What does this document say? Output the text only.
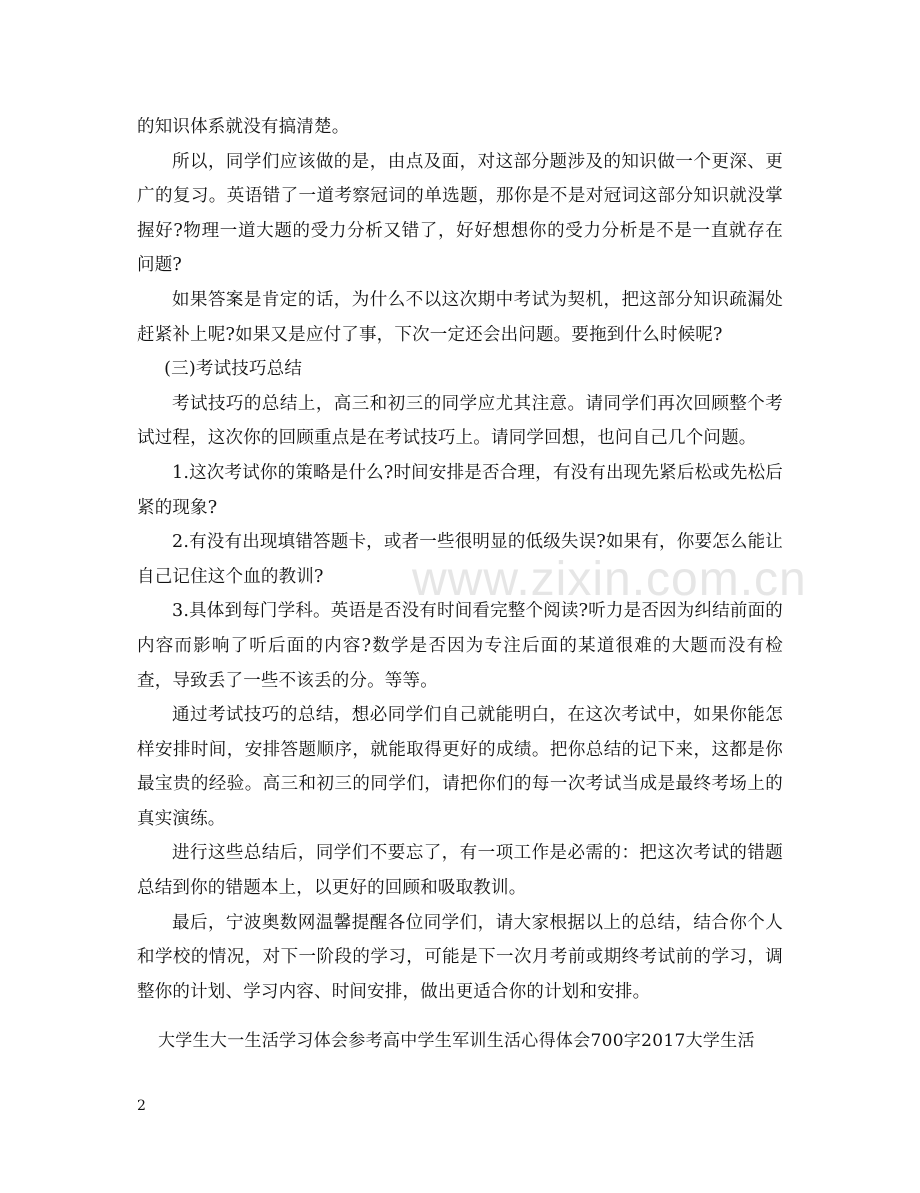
的知识体系就没有搞清楚。

所以，同学们应该做的是，由点及面，对这部分题涉及的知识做一个更深、更广的复习。英语错了一道考察冠词的单选题，那你是不是对冠词这部分知识就没掌握好?物理一道大题的受力分析又错了，好好想想你的受力分析是不是一直就存在问题?

如果答案是肯定的话，为什么不以这次期中考试为契机，把这部分知识疏漏处赶紧补上呢?如果又是应付了事，下次一定还会出问题。要拖到什么时候呢?

(三)考试技巧总结

考试技巧的总结上，高三和初三的同学应尤其注意。请同学们再次回顾整个考试过程，这次你的回顾重点是在考试技巧上。请同学回想，也问自己几个问题。

1.这次考试你的策略是什么?时间安排是否合理，有没有出现先紧后松或先松后紧的现象?

2.有没有出现填错答题卡，或者一些很明显的低级失误?如果有，你要怎么能让自己记住这个血的教训?

3.具体到每门学科。英语是否没有时间看完整个阅读?听力是否因为纠结前面的内容而影响了听后面的内容?数学是否因为专注后面的某道很难的大题而没有检查，导致丢了一些不该丢的分。等等。

通过考试技巧的总结，想必同学们自己就能明白，在这次考试中，如果你能怎样安排时间，安排答题顺序，就能取得更好的成绩。把你总结的记下来，这都是你最宝贵的经验。高三和初三的同学们，请把你们的每一次考试当成是最终考场上的真实演练。

进行这些总结后，同学们不要忘了，有一项工作是必需的：把这次考试的错题总结到你的错题本上，以更好的回顾和吸取教训。

最后，宁波奥数网温馨提醒各位同学们，请大家根据以上的总结，结合你个人和学校的情况，对下一阶段的学习，可能是下一次月考前或期终考试前的学习，调整你的计划、学习内容、时间安排，做出更适合你的计划和安排。

大学生大一生活学习体会参考高中学生军训生活心得体会700字2017大学生活
2
www.zixin.com.cn
